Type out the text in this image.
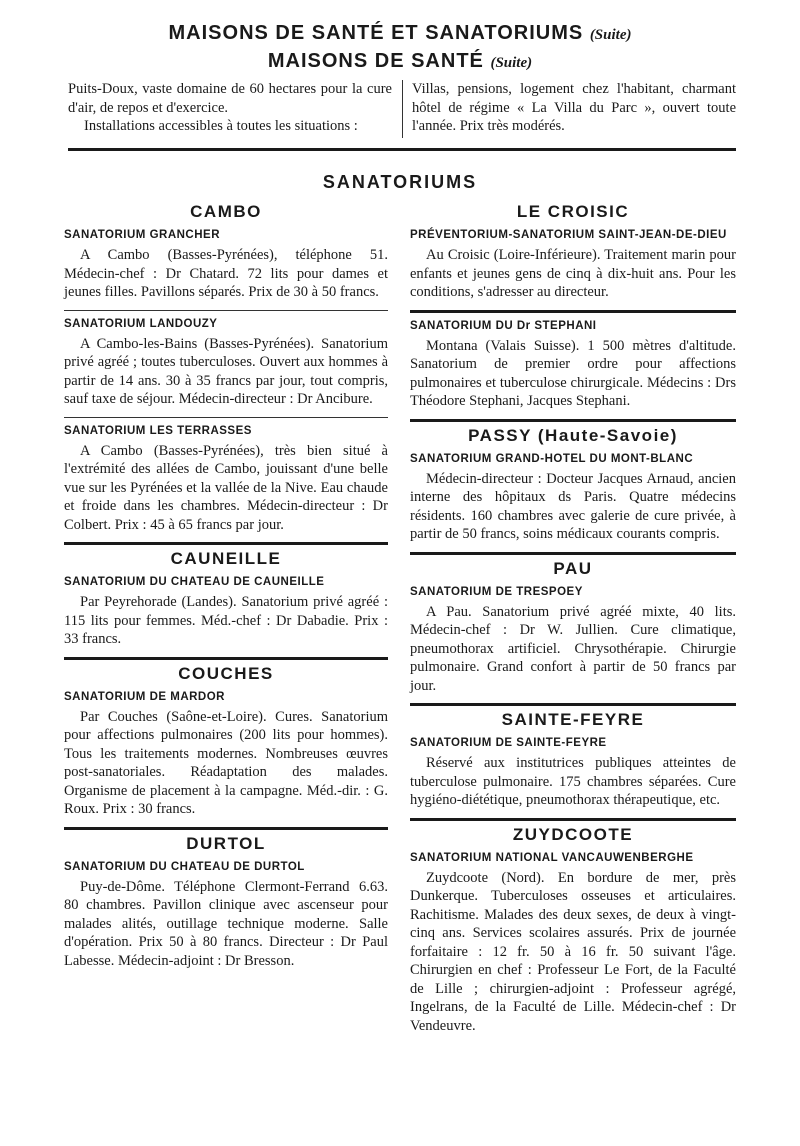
MAISONS DE SANTÉ ET SANATORIUMS (Suite)
MAISONS DE SANTÉ (Suite)

Puits-Doux, vaste domaine de 60 hectares pour la cure d'air, de repos et d'exercice.

Installations accessibles à toutes les situations :

Villas, pensions, logement chez l'habitant, charmant hôtel de régime « La Villa du Parc », ouvert toute l'année. Prix très modérés.

SANATORIUMS
CAMBO
SANATORIUM GRANCHER

A Cambo (Basses-Pyrénées), téléphone 51. Médecin-chef : Dr Chatard. 72 lits pour dames et jeunes filles. Pavillons séparés. Prix de 30 à 50 francs.

SANATORIUM LANDOUZY

A Cambo-les-Bains (Basses-Pyrénées). Sanatorium privé agréé ; toutes tuberculoses. Ouvert aux hommes à partir de 14 ans. 30 à 35 francs par jour, tout compris, sauf taxe de séjour. Médecin-directeur : Dr Ancibure.

SANATORIUM LES TERRASSES

A Cambo (Basses-Pyrénées), très bien situé à l'extrémité des allées de Cambo, jouissant d'une belle vue sur les Pyrénées et la vallée de la Nive. Eau chaude et froide dans les chambres. Médecin-directeur : Dr Colbert. Prix : 45 à 65 francs par jour.

CAUNEILLE
SANATORIUM DU CHATEAU DE CAUNEILLE

Par Peyrehorade (Landes). Sanatorium privé agréé : 115 lits pour femmes. Méd.-chef : Dr Dabadie. Prix : 33 francs.

COUCHES
SANATORIUM DE MARDOR

Par Couches (Saône-et-Loire). Cures. Sanatorium pour affections pulmonaires (200 lits pour hommes). Tous les traitements modernes. Nombreuses œuvres post-sanatoriales. Réadaptation des malades. Organisme de placement à la campagne. Méd.-dir. : G. Roux. Prix : 30 francs.

DURTOL
SANATORIUM DU CHATEAU DE DURTOL

Puy-de-Dôme. Téléphone Clermont-Ferrand 6.63. 80 chambres. Pavillon clinique avec ascenseur pour malades alités, outillage technique moderne. Salle d'opération. Prix 50 à 80 francs. Directeur : Dr Paul Labesse. Médecin-adjoint : Dr Bresson.

LE CROISIC
PRÉVENTORIUM-SANATORIUM SAINT-JEAN-DE-DIEU

Au Croisic (Loire-Inférieure). Traitement marin pour enfants et jeunes gens de cinq à dix-huit ans. Pour les conditions, s'adresser au directeur.

SANATORIUM DU Dr STEPHANI

Montana (Valais Suisse). 1 500 mètres d'altitude. Sanatorium de premier ordre pour affections pulmonaires et tuberculose chirurgicale. Médecins : Drs Théodore Stephani, Jacques Stephani.

PASSY (Haute-Savoie)
SANATORIUM GRAND-HOTEL DU MONT-BLANC

Médecin-directeur : Docteur Jacques Arnaud, ancien interne des hôpitaux ds Paris. Quatre médecins résidents. 160 chambres avec galerie de cure privée, à partir de 50 francs, soins médicaux courants compris.

PAU
SANATORIUM DE TRESPOEY

A Pau. Sanatorium privé agréé mixte, 40 lits. Médecin-chef : Dr W. Jullien. Cure climatique, pneumothorax artificiel. Chrysothérapie. Chirurgie pulmonaire. Grand confort à partir de 50 francs par jour.

SAINTE-FEYRE
SANATORIUM DE SAINTE-FEYRE

Réservé aux institutrices publiques atteintes de tuberculose pulmonaire. 175 chambres séparées. Cure hygiéno-diététique, pneumothorax thérapeutique, etc.

ZUYDCOOTE
SANATORIUM NATIONAL VANCAUWENBERGHE

Zuydcoote (Nord). En bordure de mer, près Dunkerque. Tuberculoses osseuses et articulaires. Rachitisme. Malades des deux sexes, de deux à vingt-cinq ans. Services scolaires assurés. Prix de journée forfaitaire : 12 fr. 50 à 16 fr. 50 suivant l'âge. Chirurgien en chef : Professeur Le Fort, de la Faculté de Lille ; chirurgien-adjoint : Professeur agrégé, Ingelrans, de la Faculté de Lille. Médecin-chef : Dr Vendeuvre.
